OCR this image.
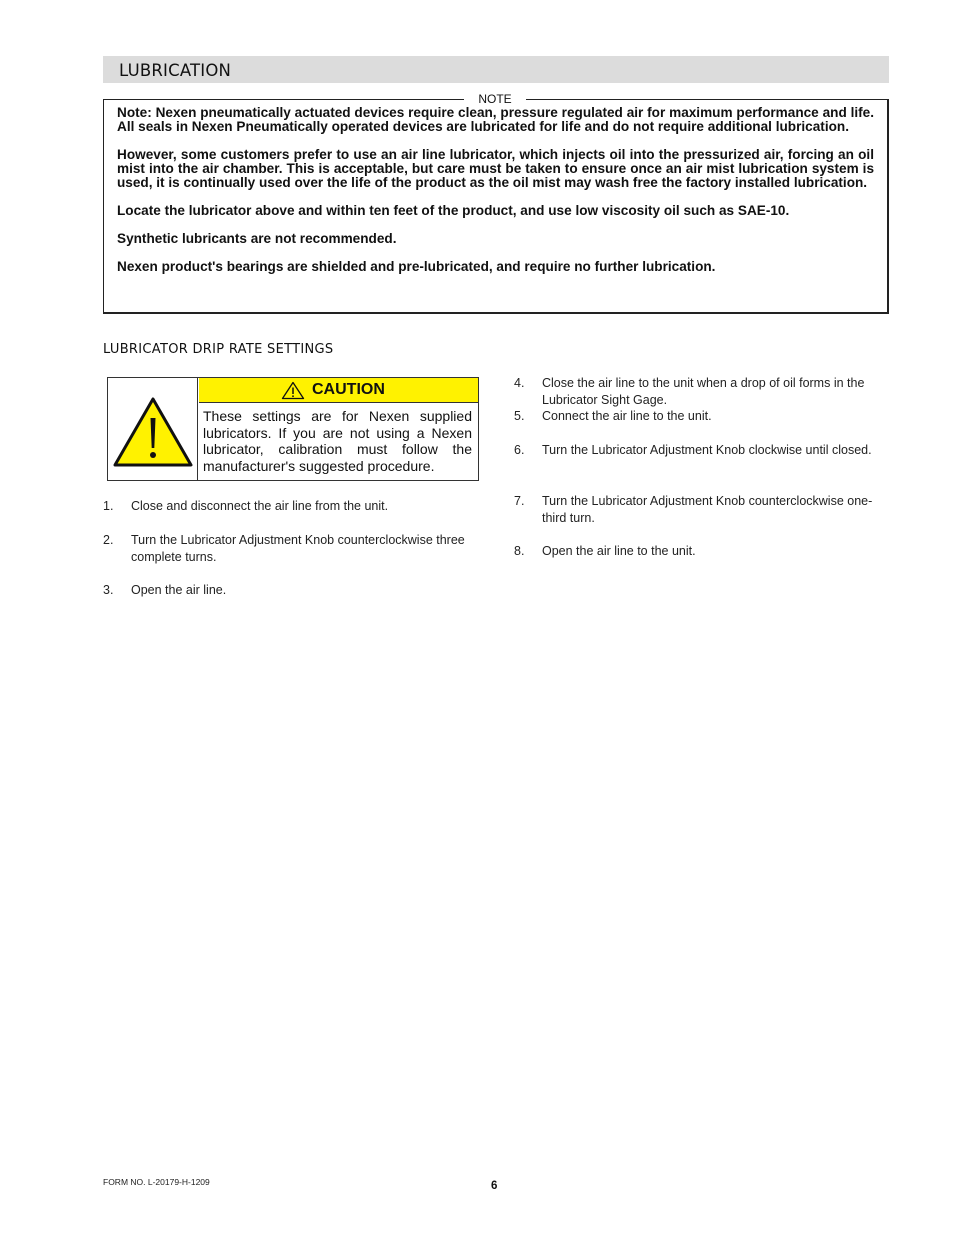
LUBRICATION
NOTE

Note: Nexen pneumatically actuated devices require clean, pressure regulated air for maximum performance and life. All seals in Nexen Pneumatically operated devices are lubricated for life and do not require additional lubrication.

However, some customers prefer to use an air line lubricator, which injects oil into the pressurized air, forcing an oil mist into the air chamber. This is acceptable, but care must be taken to ensure once an air mist lubrication system is used, it is continually used over the life of the product as the oil mist may wash free the factory installed lubrication.

Locate the lubricator above and within ten feet of the product, and use low viscosity oil such as SAE-10.

Synthetic lubricants are not recommended.

Nexen product's bearings are shielded and pre-lubricated, and require no further lubrication.

LUBRICATOR DRIP RATE SETTINGS
CAUTION
These settings are for Nexen supplied lubricators. If you are not using a Nexen lubricator, calibration must follow the manufacturer's suggested procedure.
1. Close and disconnect the air line from the unit.
2. Turn the Lubricator Adjustment Knob counterclockwise three complete turns.
3. Open the air line.
4. Close the air line to the unit when a drop of oil forms in the Lubricator Sight Gage.
5. Connect the air line to the unit.
6. Turn the Lubricator Adjustment Knob clockwise until closed.
7. Turn the Lubricator Adjustment Knob counterclockwise one-third turn.
8. Open the air line to the unit.
FORM NO. L-20179-H-1209	6
